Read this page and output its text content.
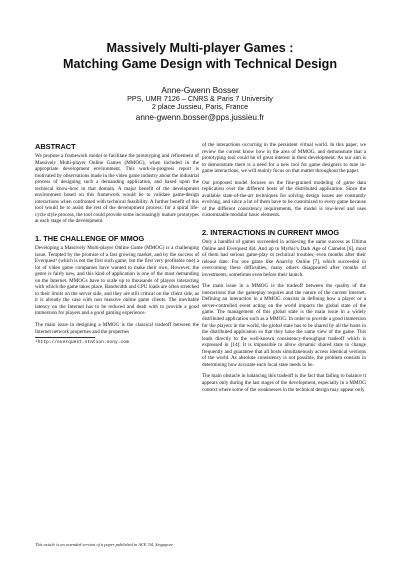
Massively Multi-player Games :
Matching Game Design with Technical Design
Anne-Gwenn Bosser
PPS, UMR 7126 – CNRS & Paris 7 University
2 place Jussieu, Paris, France
anne-gwenn.bosser@pps.jussieu.fr
ABSTRACT

We propose a framework model to facilitate the prototyping and refinement of Massively Multi-player Online Games (MMOG), when included in the appropriate development environment. This work-in-progress report is motivated by observations made in the video game industry about the industrial process of designing such a demanding application, and based upon the technical know-how in that domain. A major benefit of the development environment based on this framework would be to validate game-design interactions when confronted with technical feasibility. A further benefit of this tool would be to assist the rest of the development process: for a spiral life-cycle style process, the tool could provide some increasingly mature prototypes at each stage of the development.

1. THE CHALLENGE OF MMOG

Developing a Massively Multi-player Online Game (MMOG) is a challenging issue. Tempted by the promise of a fast growing market, and by the success of Everquest¹ (which is not the first such game, but the first very profitable one) a lot of video game companies have wanted to make their own. However, the genre is fairly new, and this kind of application is one of the most demanding on the Internet. MMOGs have to scale up to thousands of players interacting with which the game takes place. Bandwidth and CPU loads are often stretched to their limits on the server side, and they are still critical on the client side, as it is already the case with non massive online game clients. The inevitable latency on the Internet has to be reduced and dealt with to provide a good immersion for players and a good gaming experience.

The main issue in designing a MMOG is the classical tradeoff between the Internet network properties and the properties

¹http://everquest.station.sony.com
This article is an extended version of a paper published in ACE '04, Singapore

of the interactions occurring in the persistent virtual world. In this paper, we review the current know how in the area of MMOG, and demonstrate that a prototyping tool could be of great interest in their development. As our aim is to demonstrate there is a need for a new tool for game designers to tune in-game interactions, we will mainly focus on that matter throughout the paper.

Our proposed model focuses on the fine-grained modeling of game data replication over the different hosts of the distributed application. Since the available state-of-the-art techniques for solving design issues are constantly evolving, and since a lot of them have to be customized to every game because of the different consistency requirements, the model is low-level and uses customizable modular basic elements.

2. INTERACTIONS IN CURRENT MMOG

Only a handful of games succeeded in achieving the same success as Ultima Online and Everquest did. And up to Mythic's Dark Age of Camelot [6], most of them had serious game-play or technical troubles, even months after their release date. For one game like Anarchy Online [7], which succeeded in overcoming these difficulties, many others disappeared after months of investments, sometimes even before their launch.

The main issue in a MMOG is the tradeoff between the quality of the interactions that the gameplay requires and the nature of the current Internet. Defining an interaction in a MMOG consists in defining how a player or a server-controlled event acting on the world impacts the global state of the game. The management of this global state is the main issue in a widely distributed application such as a MMOG. In order to provide a good immersion for the players in the world, the global state has to be shared by all the hosts in the distributed application so that they have the same view of the game. This leads directly to the well-known consistency-throughput tradeoff which is expressed in [14]: It is impossible to allow dynamic shared state to change frequently and guarantee that all hosts simultaneously access identical versions of the world. As absolute consistency is not possible, the problem consists in determining how accurate each local state needs to be.

The main obstacle in balancing this tradeoff is the fact that failing to balance it appears only during the last stages of the development, especially in a MMOG context where some of the weaknesses in the technical design may appear only
